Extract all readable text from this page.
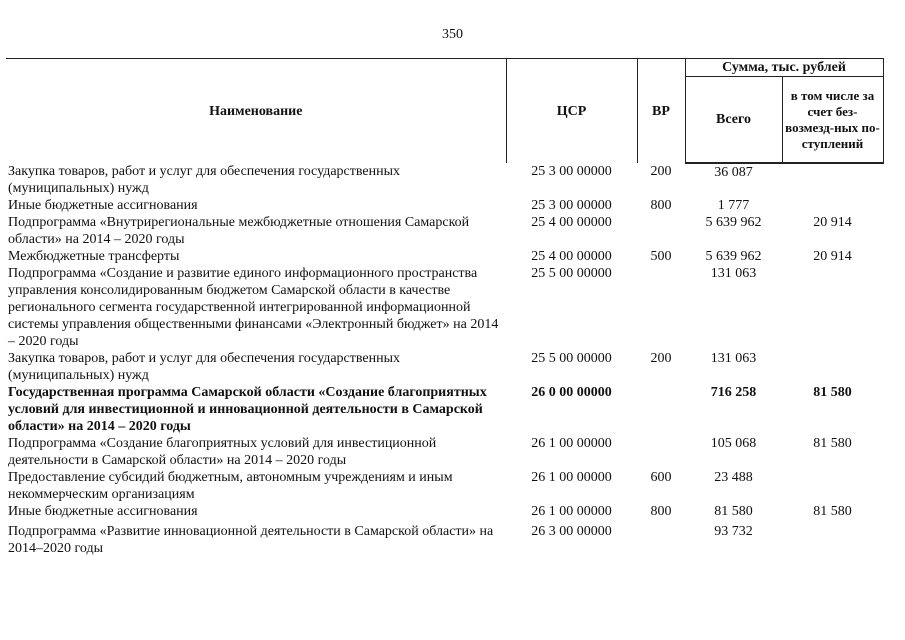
350
Наименование	ЦСР	ВР	Сумма, тыс. рублей	
			Всего	в том числе за счет без-возмезд-ных по-ступлений
Закупка товаров, работ и услуг для обеспечения государственных (муниципальных) нужд	25 3 00 00000	200	36 087	
Иные бюджетные ассигнования	25 3 00 00000	800	1 777	
Подпрограмма «Внутрирегиональные межбюджетные отношения Самарской области» на 2014 – 2020 годы	25 4 00 00000		5 639 962	20 914
Межбюджетные трансферты	25 4 00 00000	500	5 639 962	20 914
Подпрограмма «Создание и развитие единого информационного пространства управления консолидированным бюджетом Самарской области в качестве регионального сегмента государственной интегрированной информационной системы управления общественными финансами «Электронный бюджет» на 2014 – 2020 годы	25 5 00 00000		131 063	
Закупка товаров, работ и услуг для обеспечения государственных (муниципальных) нужд	25 5 00 00000	200	131 063	
Государственная программа Самарской области «Создание благоприятных условий для инвестиционной и инновационной деятельности в Самарской области» на 2014 – 2020 годы	26 0 00 00000		716 258	81 580
Подпрограмма «Создание благоприятных условий для инвестиционной деятельности в Самарской области» на 2014 – 2020 годы	26 1 00 00000		105 068	81 580
Предоставление субсидий бюджетным, автономным учреждениям и иным некоммерческим организациям	26 1 00 00000	600	23 488	
Иные бюджетные ассигнования	26 1 00 00000	800	81 580	81 580
Подпрограмма «Развитие инновационной деятельности в Самарской области» на 2014–2020 годы	26 3 00 00000		93 732	
